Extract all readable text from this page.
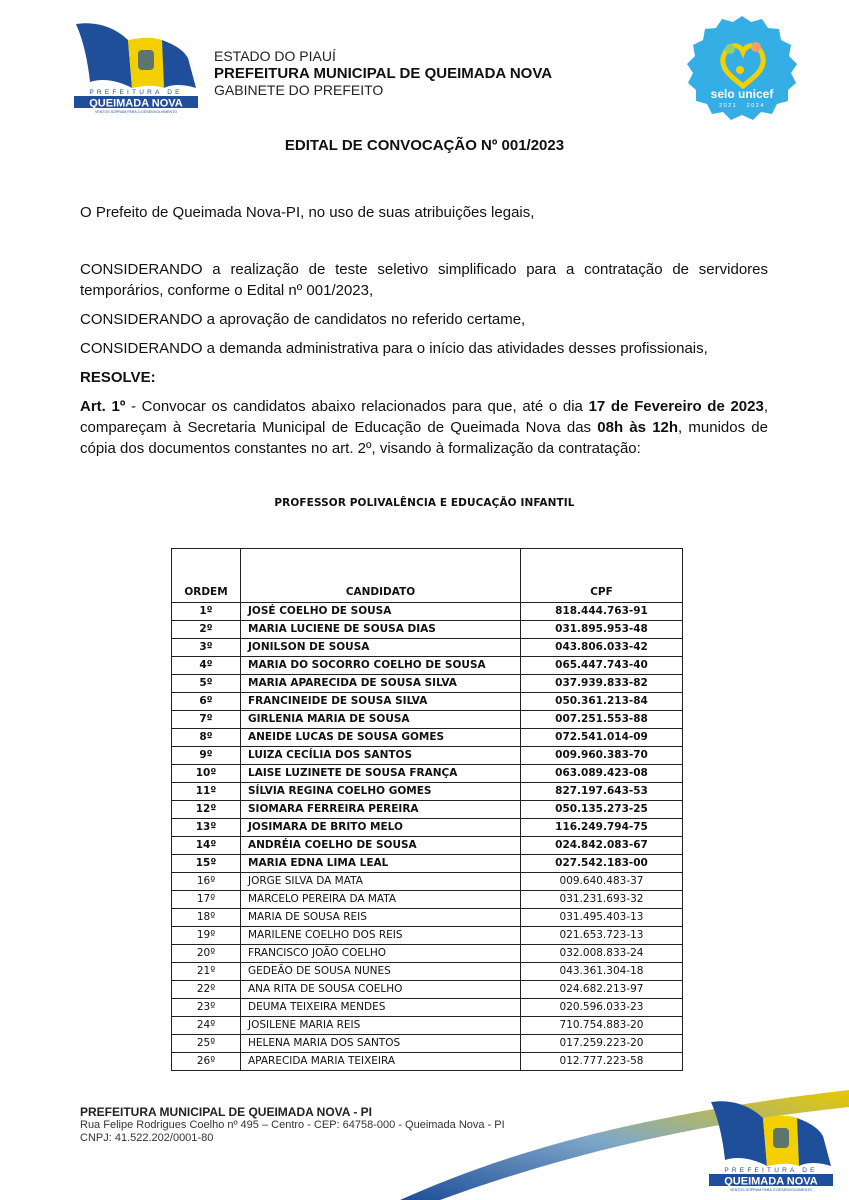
PREFEITURA DE
QUEIMADA NOVA
VENTOS SOPRAM PARA O DESENVOLVIMENTO
ESTADO DO PIAUÍ
PREFEITURA MUNICIPAL DE QUEIMADA NOVA
GABINETE DO PREFEITO	selo unicef
2021 · 2024
EDITAL DE CONVOCAÇÃO Nº 001/2023
O Prefeito de Queimada Nova-PI, no uso de suas atribuições legais,
CONSIDERANDO a realização de teste seletivo simplificado para a contratação de servidores temporários, conforme o Edital nº 001/2023,
CONSIDERANDO a aprovação de candidatos no referido certame,
CONSIDERANDO a demanda administrativa para o início das atividades desses profissionais,
RESOLVE:
Art. 1º - Convocar os candidatos abaixo relacionados para que, até o dia 17 de Fevereiro de 2023, compareçam à Secretaria Municipal de Educação de Queimada Nova das 08h às 12h, munidos de cópia dos documentos constantes no art. 2º, visando à formalização da contratação:
PROFESSOR POLIVALÊNCIA E EDUCAÇÃO INFANTIL
ORDEM	CANDIDATO	CPF
1º	JOSÉ COELHO DE SOUSA	818.444.763-91
2º	MARIA LUCIENE DE SOUSA DIAS	031.895.953-48
3º	JONILSON DE SOUSA	043.806.033-42
4º	MARIA DO SOCORRO COELHO DE SOUSA	065.447.743-40
5º	MARIA APARECIDA DE SOUSA SILVA	037.939.833-82
6º	FRANCINEIDE DE SOUSA SILVA	050.361.213-84
7º	GIRLENIA MARIA DE SOUSA	007.251.553-88
8º	ANEIDE LUCAS DE SOUSA GOMES	072.541.014-09
9º	LUIZA CECÍLIA DOS SANTOS	009.960.383-70
10º	LAISE LUZINETE DE SOUSA FRANÇA	063.089.423-08
11º	SÍLVIA REGINA COELHO GOMES	827.197.643-53
12º	SIOMARA FERREIRA PEREIRA	050.135.273-25
13º	JOSIMARA DE BRITO MELO	116.249.794-75
14º	ANDRÉIA COELHO DE SOUSA	024.842.083-67
15º	MARIA EDNA LIMA LEAL	027.542.183-00
16º	JORGE SILVA DA MATA	009.640.483-37
17º	MARCELO PEREIRA DA MATA	031.231.693-32
18º	MARIA DE SOUSA REIS	031.495.403-13
19º	MARILENE COELHO DOS REIS	021.653.723-13
20º	FRANCISCO JOÃO COELHO	032.008.833-24
21º	GEDEÃO DE SOUSA NUNES	043.361.304-18
22º	ANA RITA DE SOUSA COELHO	024.682.213-97
23º	DEUMA TEIXEIRA MENDES	020.596.033-23
24º	JOSILENE MARIA REIS	710.754.883-20
25º	HELENA MARIA DOS SANTOS	017.259.223-20
26º	APARECIDA MARIA TEIXEIRA	012.777.223-58
PREFEITURA MUNICIPAL DE QUEIMADA NOVA - PI
Rua Felipe Rodrigues Coelho nº 495 – Centro - CEP: 64758-000 - Queimada Nova - PI
CNPJ: 41.522.202/0001-80
PREFEITURA DE
QUEIMADA NOVA
VENTOS SOPRAM PARA O DESENVOLVIMENTO
